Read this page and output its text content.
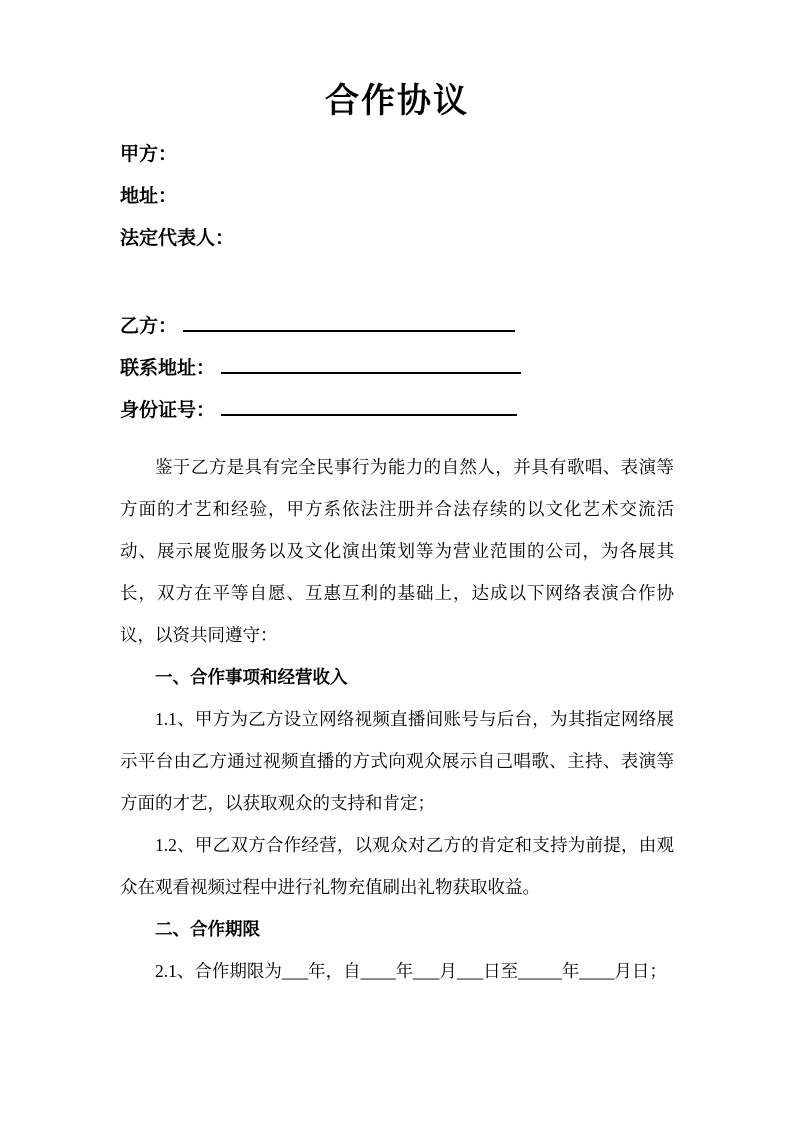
合作协议
甲方：
地址：
法定代表人：
乙方：
联系地址：
身份证号：

鉴于乙方是具有完全民事行为能力的自然人，并具有歌唱、表演等方面的才艺和经验，甲方系依法注册并合法存续的以文化艺术交流活动、展示展览服务以及文化演出策划等为营业范围的公司，为各展其长，双方在平等自愿、互惠互利的基础上，达成以下网络表演合作协议，以资共同遵守：

一、合作事项和经营收入

1.1、甲方为乙方设立网络视频直播间账号与后台，为其指定网络展示平台由乙方通过视频直播的方式向观众展示自己唱歌、主持、表演等方面的才艺，以获取观众的支持和肯定；

1.2、甲乙双方合作经营，以观众对乙方的肯定和支持为前提，由观众在观看视频过程中进行礼物充值刷出礼物获取收益。

二、合作期限

2.1、合作期限为___年，自____年___月___日至_____年____月日；
